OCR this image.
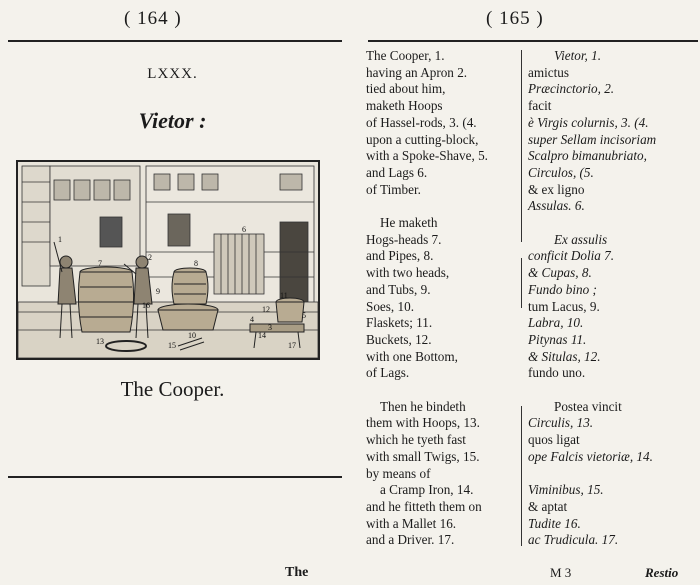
( 164 )
LXXX.
Vietor :
1
2
3
4	5
6
7	8
9
10
11
12
13
14
15
16
17
The Cooper.
The
( 165 )
The Cooper, 1.
having an Apron 2.
tied about him,
maketh Hoops
of Hassel-rods, 3. (4.
upon a cutting-block,
with a Spoke-Shave, 5.
and Lags 6.
of Timber.
He maketh
Hogs-heads 7.
and Pipes, 8.
with two heads,
and Tubs, 9.
Soes, 10.
Flaskets; 11.
Buckets, 12.
with one Bottom,
of Lags.
Then he bindeth
them with Hoops, 13.
which he tyeth fast
with small Twigs, 15.
by means of
a Cramp Iron, 14.
and he fitteth them on
with a Mallet 16.
and a Driver. 17.
Vietor, 1.
amictus
Præcinctorio, 2.
facit
è Virgis colurnis, 3. (4.
super Sellam incisoriam
Scalpro bimanubriato,
Circulos, (5.
& ex ligno
Assulas. 6.
Ex assulis
conficit Dolia 7.
& Cupas, 8.
Fundo bino ;
tum Lacus, 9.
Labra, 10.
Pitynas 11.
& Situlas, 12.
fundo uno.
Postea vincit
Circulis, 13.
quos ligat
ope Falcis vietoriæ, 14.
Viminibus, 15.
& aptat
Tudite 16.
ac Trudicula. 17.
M 3	Restio
